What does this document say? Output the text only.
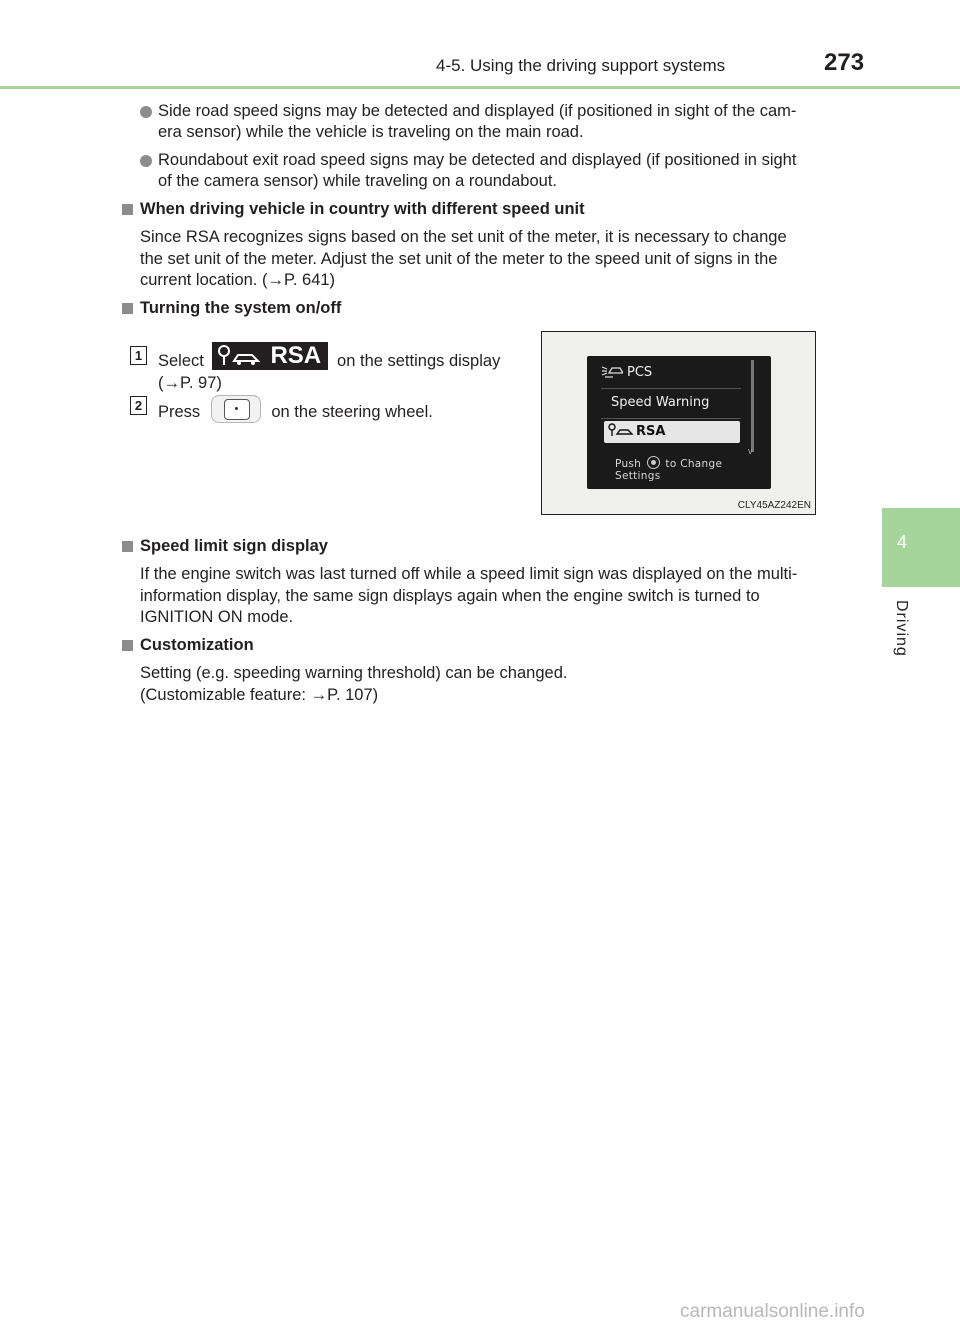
4-5. Using the driving support systems	273
4
Driving
Side road speed signs may be detected and displayed (if positioned in sight of the cam-
era sensor) while the vehicle is traveling on the main road.
Roundabout exit road speed signs may be detected and displayed (if positioned in sight
of the camera sensor) while traveling on a roundabout.
When driving vehicle in country with different speed unit
Since RSA recognizes signs based on the set unit of the meter, it is necessary to change
the set unit of the meter. Adjust the set unit of the meter to the speed unit of signs in the
current location. (→P. 641)
Turning the system on/off
1 Select	RSA on the settings display
(→P. 97)
2 Press	on the steering wheel.
PCS
Speed Warning
RSA
v
Push to Change
Settings
CLY45AZ242EN
Speed limit sign display
If the engine switch was last turned off while a speed limit sign was displayed on the multi-
information display, the same sign displays again when the engine switch is turned to
IGNITION ON mode.
Customization
Setting (e.g. speeding warning threshold) can be changed.
(Customizable feature: →P. 107)
carmanualsonline.info
